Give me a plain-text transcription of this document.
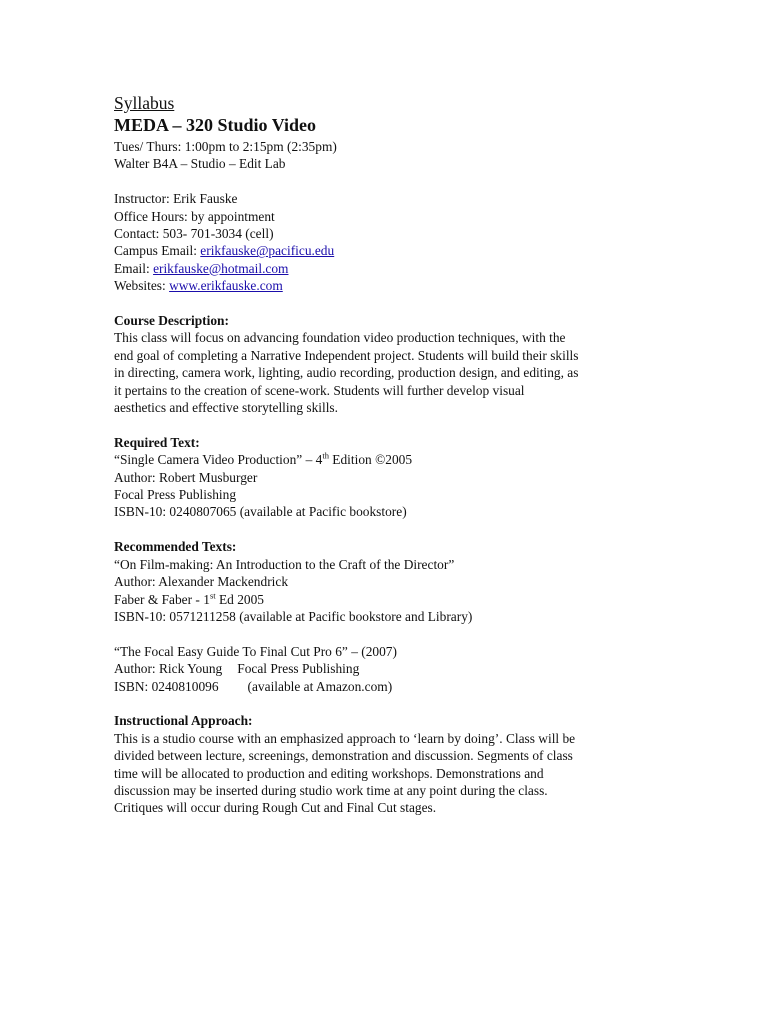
Syllabus
MEDA – 320 Studio Video
Tues/ Thurs: 1:00pm to 2:15pm (2:35pm)
Walter B4A – Studio – Edit Lab
Instructor: Erik Fauske
Office Hours: by appointment
Contact: 503- 701-3034 (cell)
Campus Email: erikfauske@pacificu.edu
Email: erikfauske@hotmail.com
Websites: www.erikfauske.com
Course Description:
This class will focus on advancing foundation video production techniques, with the
end goal of completing a Narrative Independent project. Students will build their skills
in directing, camera work, lighting, audio recording, production design, and editing, as
it pertains to the creation of scene-work. Students will further develop visual
aesthetics and effective storytelling skills.
Required Text:
“Single Camera Video Production” – 4th Edition ©2005
Author: Robert Musburger
Focal Press Publishing
ISBN-10: 0240807065 (available at Pacific bookstore)
Recommended Texts:
“On Film-making: An Introduction to the Craft of the Director”
Author: Alexander Mackendrick
Faber & Faber - 1st Ed 2005
ISBN-10: 0571211258 (available at Pacific bookstore and Library)
“The Focal Easy Guide To Final Cut Pro 6” – (2007)
Author: Rick Young Focal Press Publishing
ISBN: 0240810096 (available at Amazon.com)
Instructional Approach:
This is a studio course with an emphasized approach to ‘learn by doing’. Class will be
divided between lecture, screenings, demonstration and discussion. Segments of class
time will be allocated to production and editing workshops. Demonstrations and
discussion may be inserted during studio work time at any point during the class.
Critiques will occur during Rough Cut and Final Cut stages.
